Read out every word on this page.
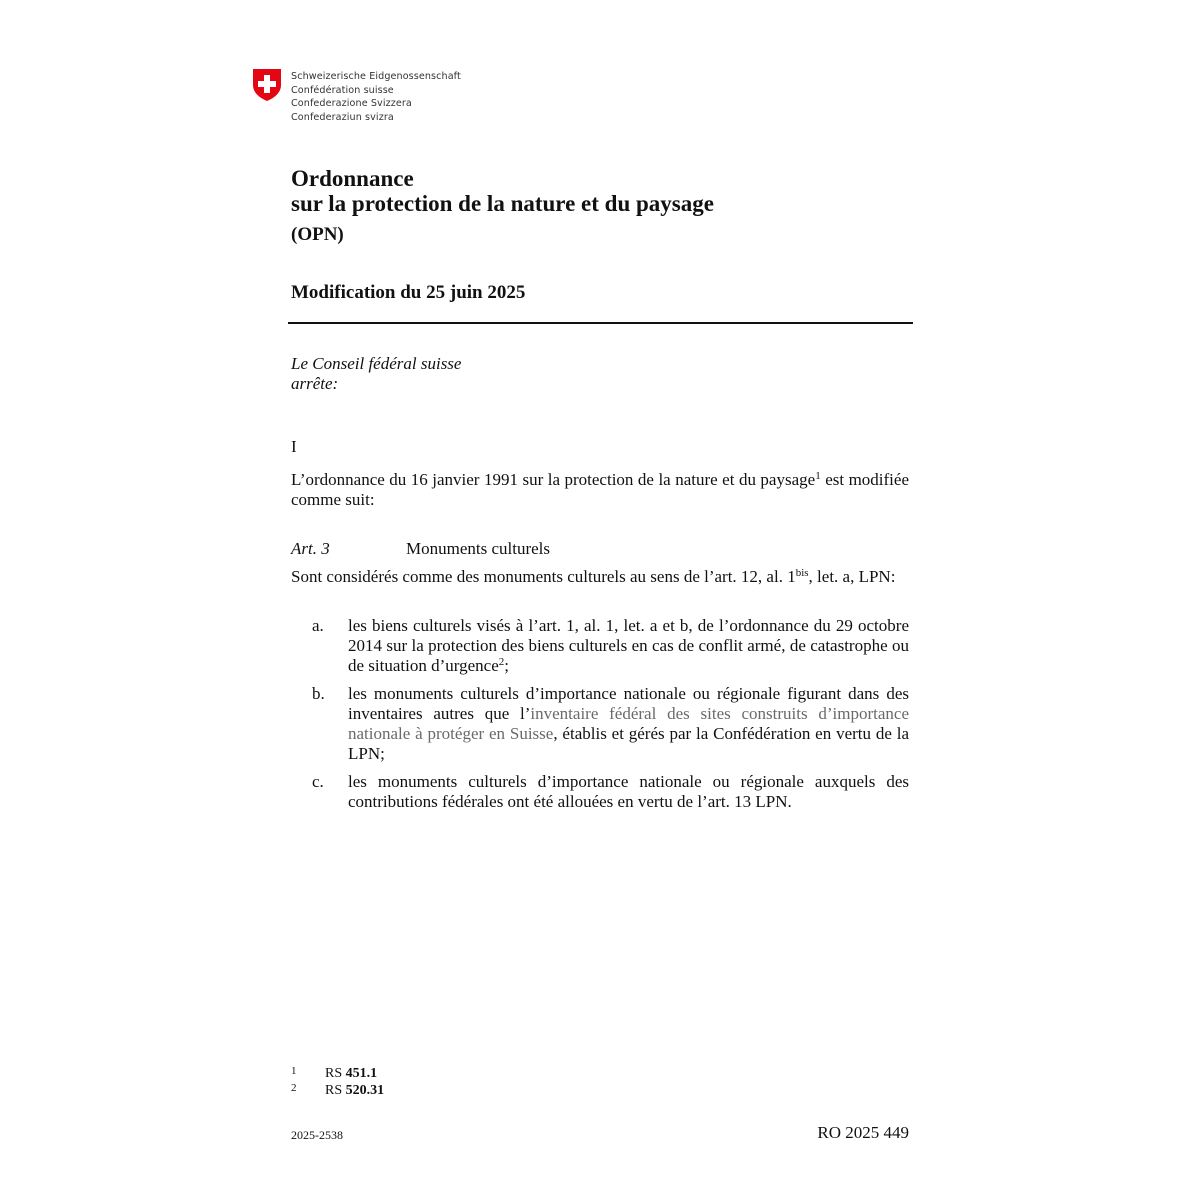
Schweizerische Eidgenossenschaft
Confédération suisse
Confederazione Svizzera
Confederaziun svizra
Ordonnance
sur la protection de la nature et du paysage
(OPN)
Modification du 25 juin 2025
Le Conseil fédéral suisse
arrête:
I
L’ordonnance du 16 janvier 1991 sur la protection de la nature et du paysage$^1$ est modifiée comme suit:
Art. 3	Monuments culturels
Sont considérés comme des monuments culturels au sens de l’art. 12, al. $1^{bis}$, let. a, LPN:
a. les biens culturels visés à l’art. 1, al. 1, let. a et b, de l’ordonnance du 29 octobre 2014 sur la protection des biens culturels en cas de conflit armé, de catastrophe ou de situation d’urgence$^2$;
b. les monuments culturels d’importance nationale ou régionale figurant dans des inventaires autres que l’inventaire fédéral des sites construits d’importance nationale à protéger en Suisse, établis et gérés par la Confédération en vertu de la LPN;
c. les monuments culturels d’importance nationale ou régionale auxquels des contributions fédérales ont été allouées en vertu de l’art. 13 LPN.
1 RS 451.1
2 RS 520.31
2025-2538	RO 2025 449
